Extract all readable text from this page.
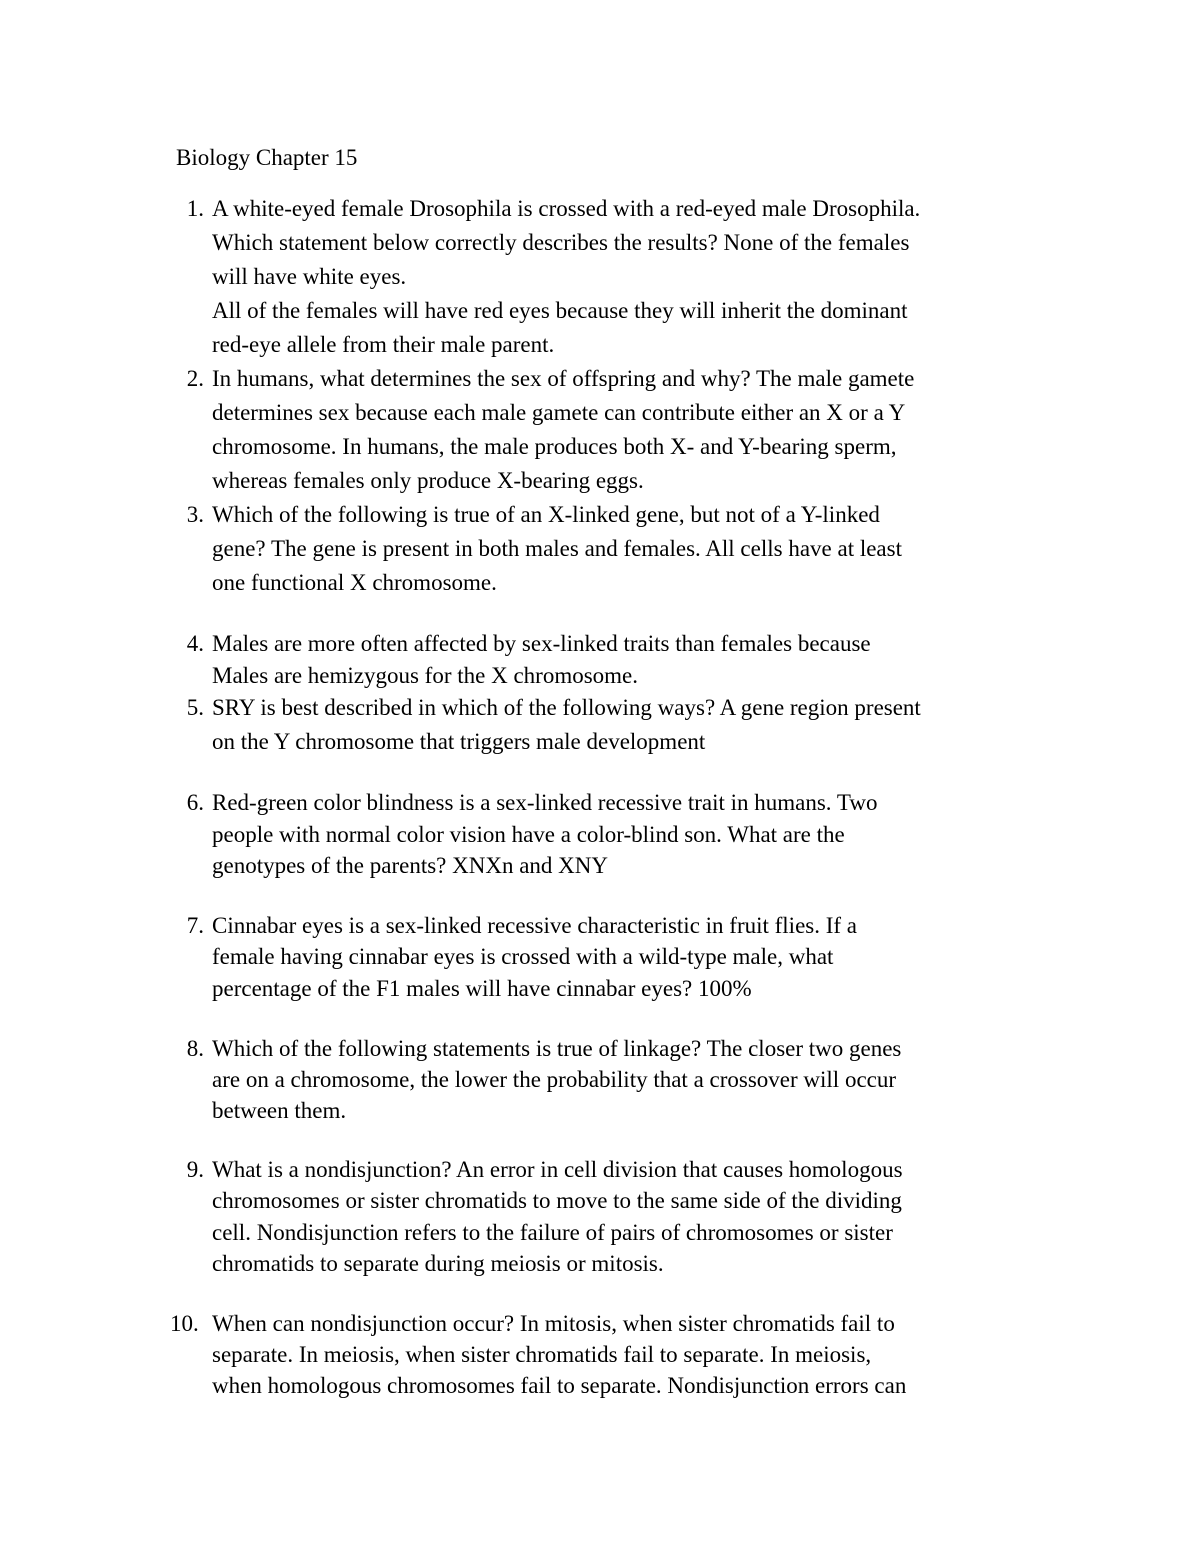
Biology Chapter 15
1. A white-eyed female Drosophila is crossed with a red-eyed male Drosophila.
Which statement below correctly describes the results? None of the females
will have white eyes.
All of the females will have red eyes because they will inherit the dominant
red-eye allele from their male parent.
2. In humans, what determines the sex of offspring and why? The male gamete
determines sex because each male gamete can contribute either an X or a Y
chromosome. In humans, the male produces both X- and Y-bearing sperm,
whereas females only produce X-bearing eggs.
3. Which of the following is true of an X-linked gene, but not of a Y-linked
gene? The gene is present in both males and females. All cells have at least
one functional X chromosome.
4. Males are more often affected by sex-linked traits than females because
Males are hemizygous for the X chromosome.
5. SRY is best described in which of the following ways? A gene region present
on the Y chromosome that triggers male development
6. Red-green color blindness is a sex-linked recessive trait in humans. Two
people with normal color vision have a color-blind son. What are the
genotypes of the parents? XNXn and XNY
7. Cinnabar eyes is a sex-linked recessive characteristic in fruit flies. If a
female having cinnabar eyes is crossed with a wild-type male, what
percentage of the F1 males will have cinnabar eyes? 100%
8. Which of the following statements is true of linkage? The closer two genes
are on a chromosome, the lower the probability that a crossover will occur
between them.
9. What is a nondisjunction? An error in cell division that causes homologous
chromosomes or sister chromatids to move to the same side of the dividing
cell. Nondisjunction refers to the failure of pairs of chromosomes or sister
chromatids to separate during meiosis or mitosis.
10. When can nondisjunction occur? In mitosis, when sister chromatids fail to
separate. In meiosis, when sister chromatids fail to separate. In meiosis,
when homologous chromosomes fail to separate. Nondisjunction errors can
